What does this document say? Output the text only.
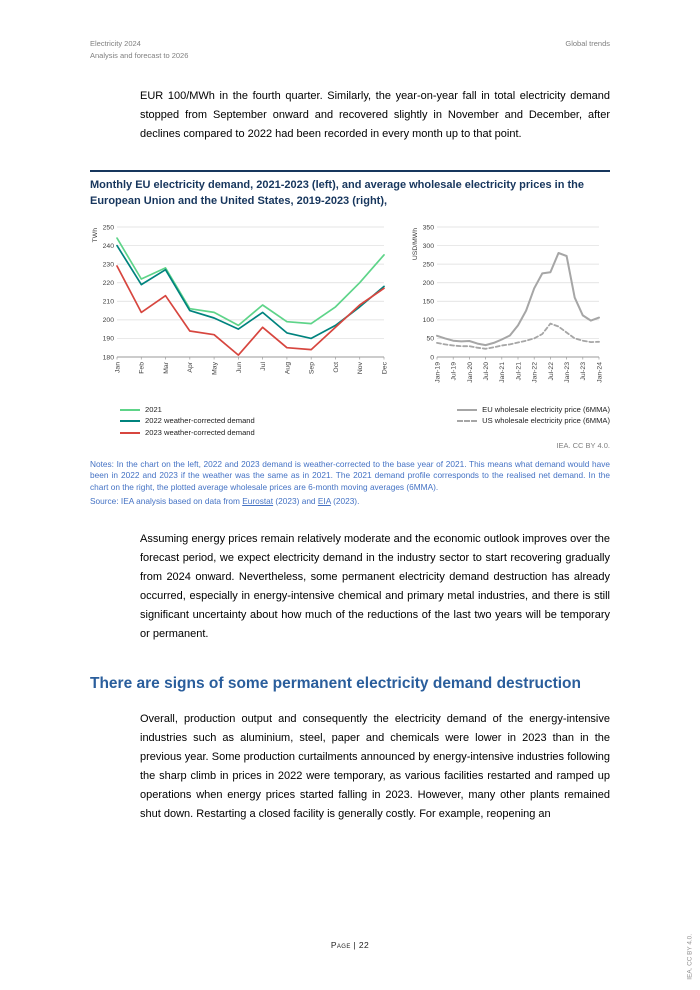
Electricity 2024
Analysis and forecast to 2026
Global trends

EUR 100/MWh in the fourth quarter. Similarly, the year-on-year fall in total electricity demand stopped from September onward and recovered slightly in November and December, after declines compared to 2022 had been recorded in every month up to that point.

Monthly EU electricity demand, 2021-2023 (left), and average wholesale electricity prices in the European Union and the United States, 2019-2023 (right),
180
190
200
210
220
230
240
250
TWh
Jan	Feb	Mar	Apr	May	Jun	Jul	Aug	Sep	Oct	Nov	Dec
2021
2022 weather-corrected demand
2023 weather-corrected demand
0
50
100
150
200
250
300
350
USD/MWh
Jan-19 Jul-19 Jan-20 Jul-20 Jan-21 Jul-21 Jan-22 Jul-22 Jan-23 Jul-23 Jan-24
EU wholesale electricity price (6MMA)
US wholesale electricity price (6MMA)
IEA. CC BY 4.0.

Notes: In the chart on the left, 2022 and 2023 demand is weather-corrected to the base year of 2021. This means what demand would have been in 2022 and 2023 if the weather was the same as in 2021. The 2021 demand profile corresponds to the realised net demand. In the chart on the right, the plotted average wholesale prices are 6-month moving averages (6MMA).

Source: IEA analysis based on data from Eurostat (2023) and EIA (2023).

Assuming energy prices remain relatively moderate and the economic outlook improves over the forecast period, we expect electricity demand in the industry sector to start recovering gradually from 2024 onward. Nevertheless, some permanent electricity demand destruction has already occurred, especially in energy-intensive chemical and primary metal industries, and there is still significant uncertainty about how much of the reductions of the last two years will be temporary or permanent.

There are signs of some permanent electricity demand destruction

Overall, production output and consequently the electricity demand of the energy-intensive industries such as aluminium, steel, paper and chemicals were lower in 2023 than in the previous year. Some production curtailments announced by energy-intensive industries following the sharp climb in prices in 2022 were temporary, as various facilities restarted and ramped up operations when energy prices started falling in 2023. However, many other plants remained shut down. Restarting a closed facility is generally costly. For example, reopening an

Page | 22	IEA. CC BY 4.0.
